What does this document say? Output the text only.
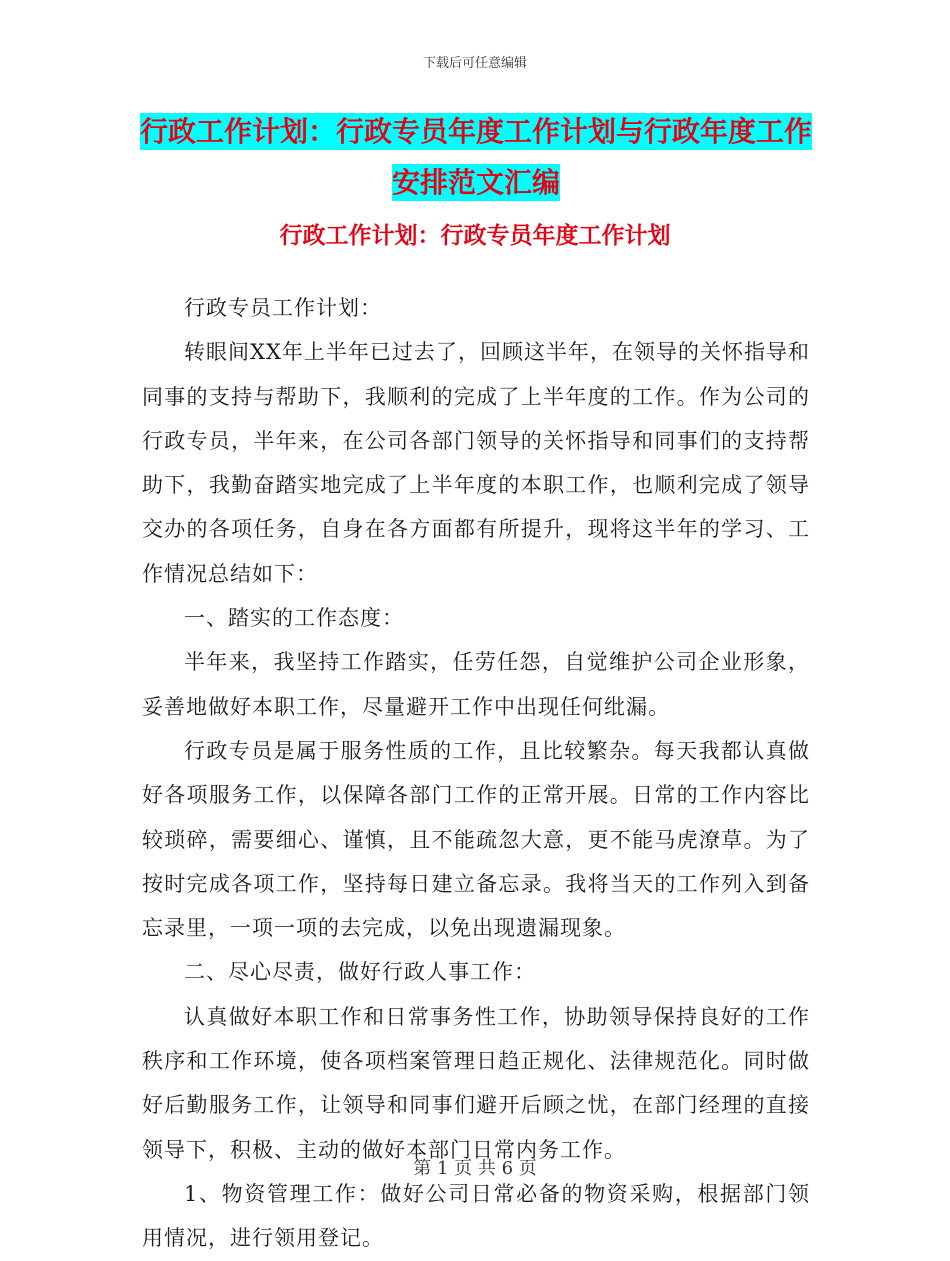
下载后可任意编辑
行政工作计划：行政专员年度工作计划与行政年度工作安排范文汇编
行政工作计划：行政专员年度工作计划

行政专员工作计划：

转眼间XX年上半年已过去了，回顾这半年，在领导的关怀指导和同事的支持与帮助下，我顺利的完成了上半年度的工作。作为公司的行政专员，半年来，在公司各部门领导的关怀指导和同事们的支持帮助下，我勤奋踏实地完成了上半年度的本职工作，也顺利完成了领导交办的各项任务，自身在各方面都有所提升，现将这半年的学习、工作情况总结如下：

一、踏实的工作态度：

半年来，我坚持工作踏实，任劳任怨，自觉维护公司企业形象，妥善地做好本职工作，尽量避开工作中出现任何纰漏。

行政专员是属于服务性质的工作，且比较繁杂。每天我都认真做好各项服务工作，以保障各部门工作的正常开展。日常的工作内容比较琐碎，需要细心、谨慎，且不能疏忽大意，更不能马虎潦草。为了按时完成各项工作，坚持每日建立备忘录。我将当天的工作列入到备忘录里，一项一项的去完成，以免出现遗漏现象。

二、尽心尽责，做好行政人事工作：

认真做好本职工作和日常事务性工作，协助领导保持良好的工作秩序和工作环境，使各项档案管理日趋正规化、法律规范化。同时做好后勤服务工作，让领导和同事们避开后顾之忧，在部门经理的直接领导下，积极、主动的做好本部门日常内务工作。

1、物资管理工作：做好公司日常必备的物资采购，根据部门领用情况，进行领用登记。

第 1 页 共 6 页
